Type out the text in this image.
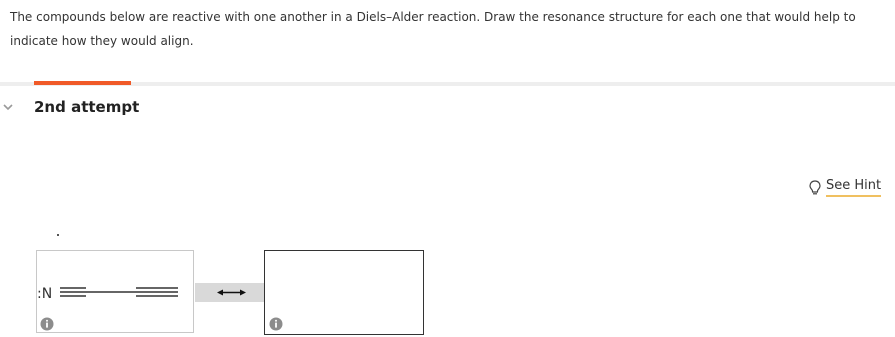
The compounds below are reactive with one another in a Diels–Alder reaction. Draw the resonance structure for each one that would help to indicate how they would align.
2nd attempt
See Hint
:N
